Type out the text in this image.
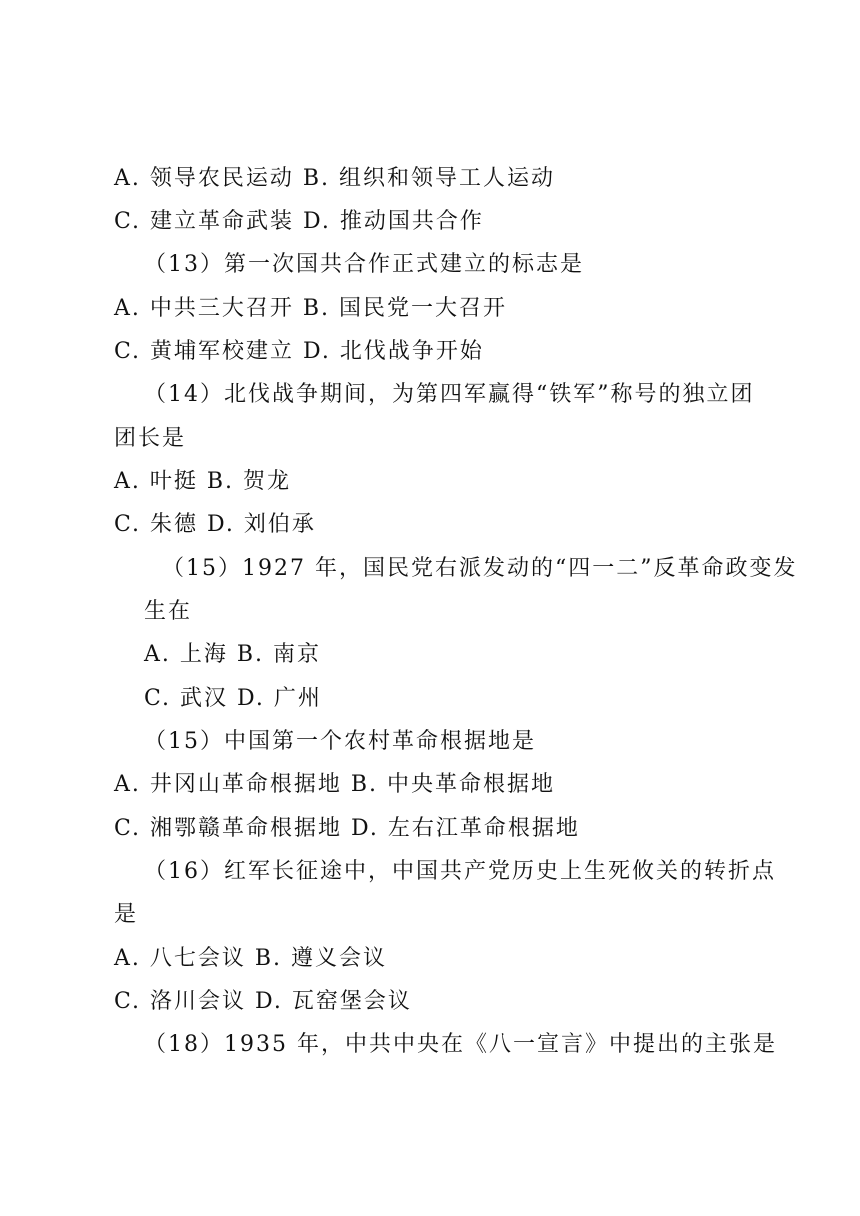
A. 领导农民运动 B. 组织和领导工人运动
C. 建立革命武装 D. 推动国共合作
（13）第一次国共合作正式建立的标志是
A. 中共三大召开 B. 国民党一大召开
C. 黄埔军校建立 D. 北伐战争开始
（14）北伐战争期间，为第四军赢得“铁军”称号的独立团
团长是
A. 叶挺 B. 贺龙
C. 朱德 D. 刘伯承
（15）1927 年，国民党右派发动的“四一二”反革命政变发
生在
A. 上海 B. 南京
C. 武汉 D. 广州
（15）中国第一个农村革命根据地是
A. 井冈山革命根据地 B. 中央革命根据地
C. 湘鄂赣革命根据地 D. 左右江革命根据地
（16）红军长征途中，中国共产党历史上生死攸关的转折点
是
A. 八七会议 B. 遵义会议
C. 洛川会议 D. 瓦窑堡会议
（18）1935 年，中共中央在《八一宣言》中提出的主张是
